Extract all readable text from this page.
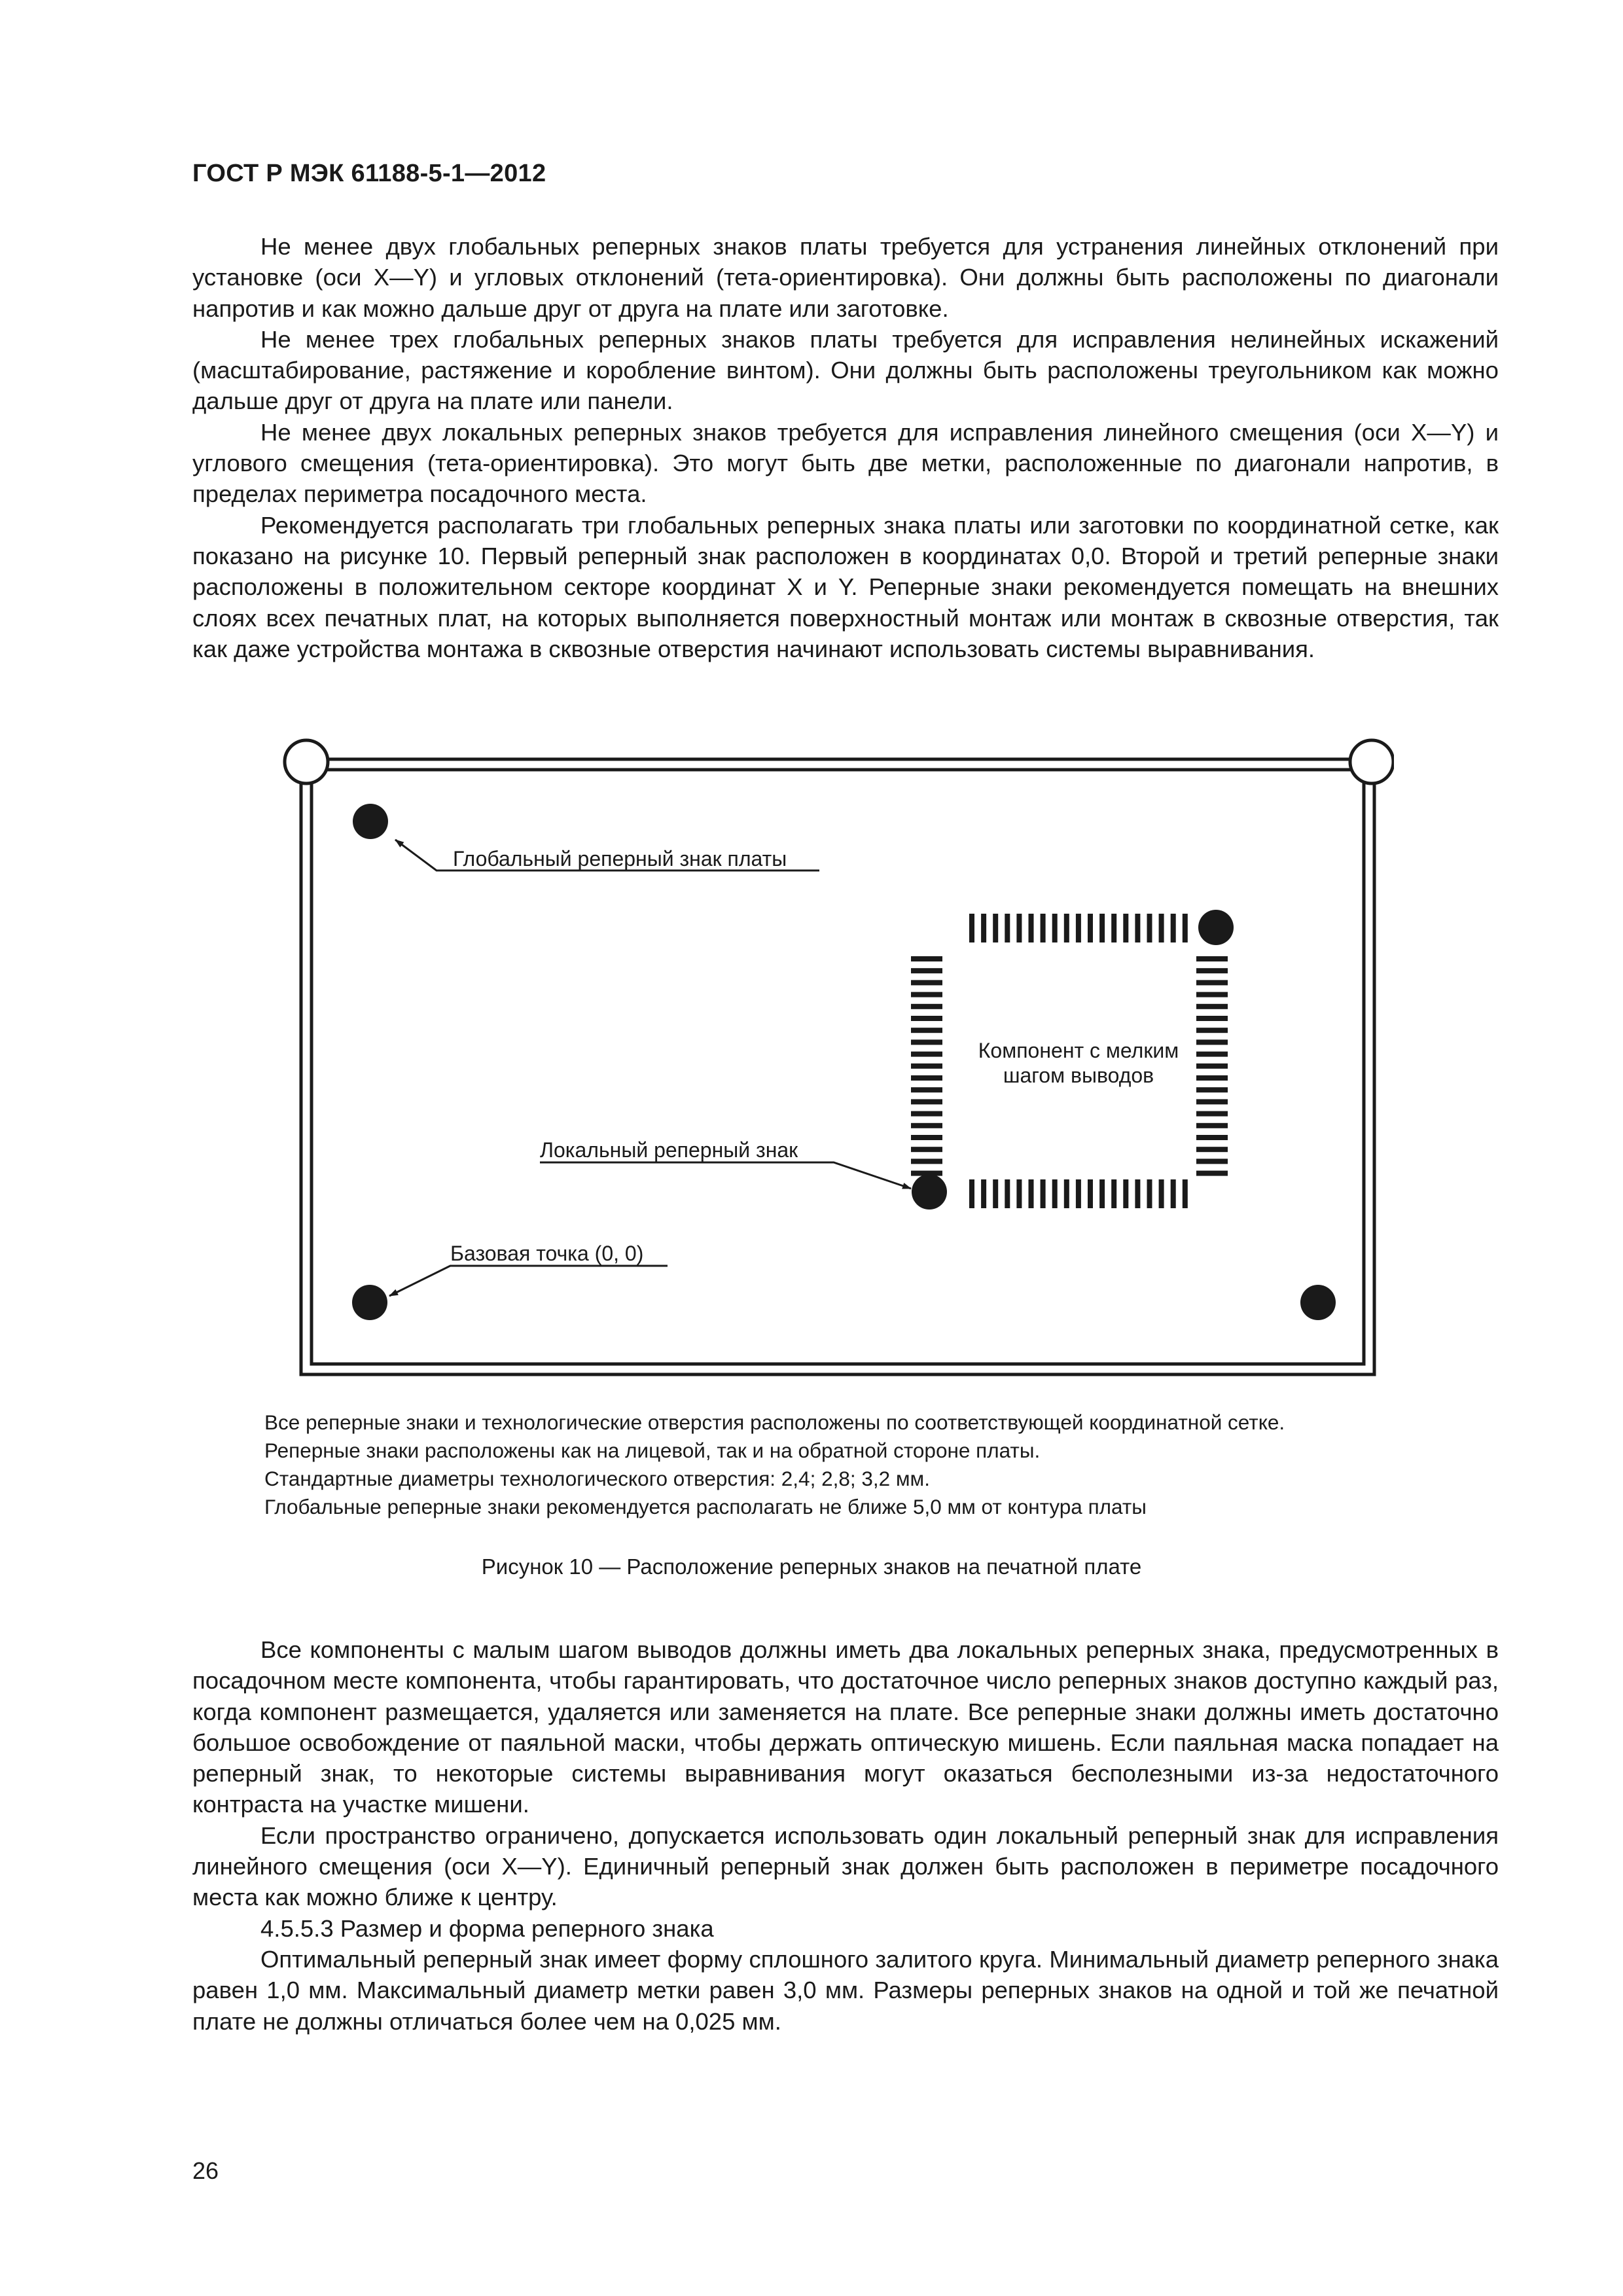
ГОСТ Р МЭК 61188-5-1—2012

Не менее двух глобальных реперных знаков платы требуется для устранения линейных отклонений при установке (оси X—Y) и угловых отклонений (тета-ориентировка). Они должны быть расположены по диагонали напротив и как можно дальше друг от друга на плате или заготовке.

Не менее трех глобальных реперных знаков платы требуется для исправления нелинейных искажений (масштабирование, растяжение и коробление винтом). Они должны быть расположены треугольником как можно дальше друг от друга на плате или панели.

Не менее двух локальных реперных знаков требуется для исправления линейного смещения (оси X—Y) и углового смещения (тета-ориентировка). Это могут быть две метки, расположенные по диагонали напротив, в пределах периметра посадочного места.

Рекомендуется располагать три глобальных реперных знака платы или заготовки по координатной сетке, как показано на рисунке 10. Первый реперный знак расположен в координатах 0,0. Второй и третий реперные знаки расположены в положительном секторе координат X и Y. Реперные знаки рекомендуется помещать на внешних слоях всех печатных плат, на которых выполняется поверхностный монтаж или монтаж в сквозные отверстия, так как даже устройства монтажа в сквозные отверстия начинают использовать системы выравнивания.

Глобальный реперный знак платы
Компонент с мелким
шагом выводов
Локальный реперный знак
Базовая точка (0, 0)
Все реперные знаки и технологические отверстия расположены по соответствующей координатной сетке.
Реперные знаки расположены как на лицевой, так и на обратной стороне платы.
Стандартные диаметры технологического отверстия: 2,4; 2,8; 3,2 мм.
Глобальные реперные знаки рекомендуется располагать не ближе 5,0 мм от контура платы
Рисунок 10 — Расположение реперных знаков на печатной плате

Все компоненты с малым шагом выводов должны иметь два локальных реперных знака, предусмотренных в посадочном месте компонента, чтобы гарантировать, что достаточное число реперных знаков доступно каждый раз, когда компонент размещается, удаляется или заменяется на плате. Все реперные знаки должны иметь достаточно большое освобождение от паяльной маски, чтобы держать оптическую мишень. Если паяльная маска попадает на реперный знак, то некоторые системы выравнивания могут оказаться бесполезными из-за недостаточного контраста на участке мишени.

Если пространство ограничено, допускается использовать один локальный реперный знак для исправления линейного смещения (оси X—Y). Единичный реперный знак должен быть расположен в периметре посадочного места как можно ближе к центру.

4.5.5.3 Размер и форма реперного знака

Оптимальный реперный знак имеет форму сплошного залитого круга. Минимальный диаметр реперного знака равен 1,0 мм. Максимальный диаметр метки равен 3,0 мм. Размеры реперных знаков на одной и той же печатной плате не должны отличаться более чем на 0,025 мм.

26
